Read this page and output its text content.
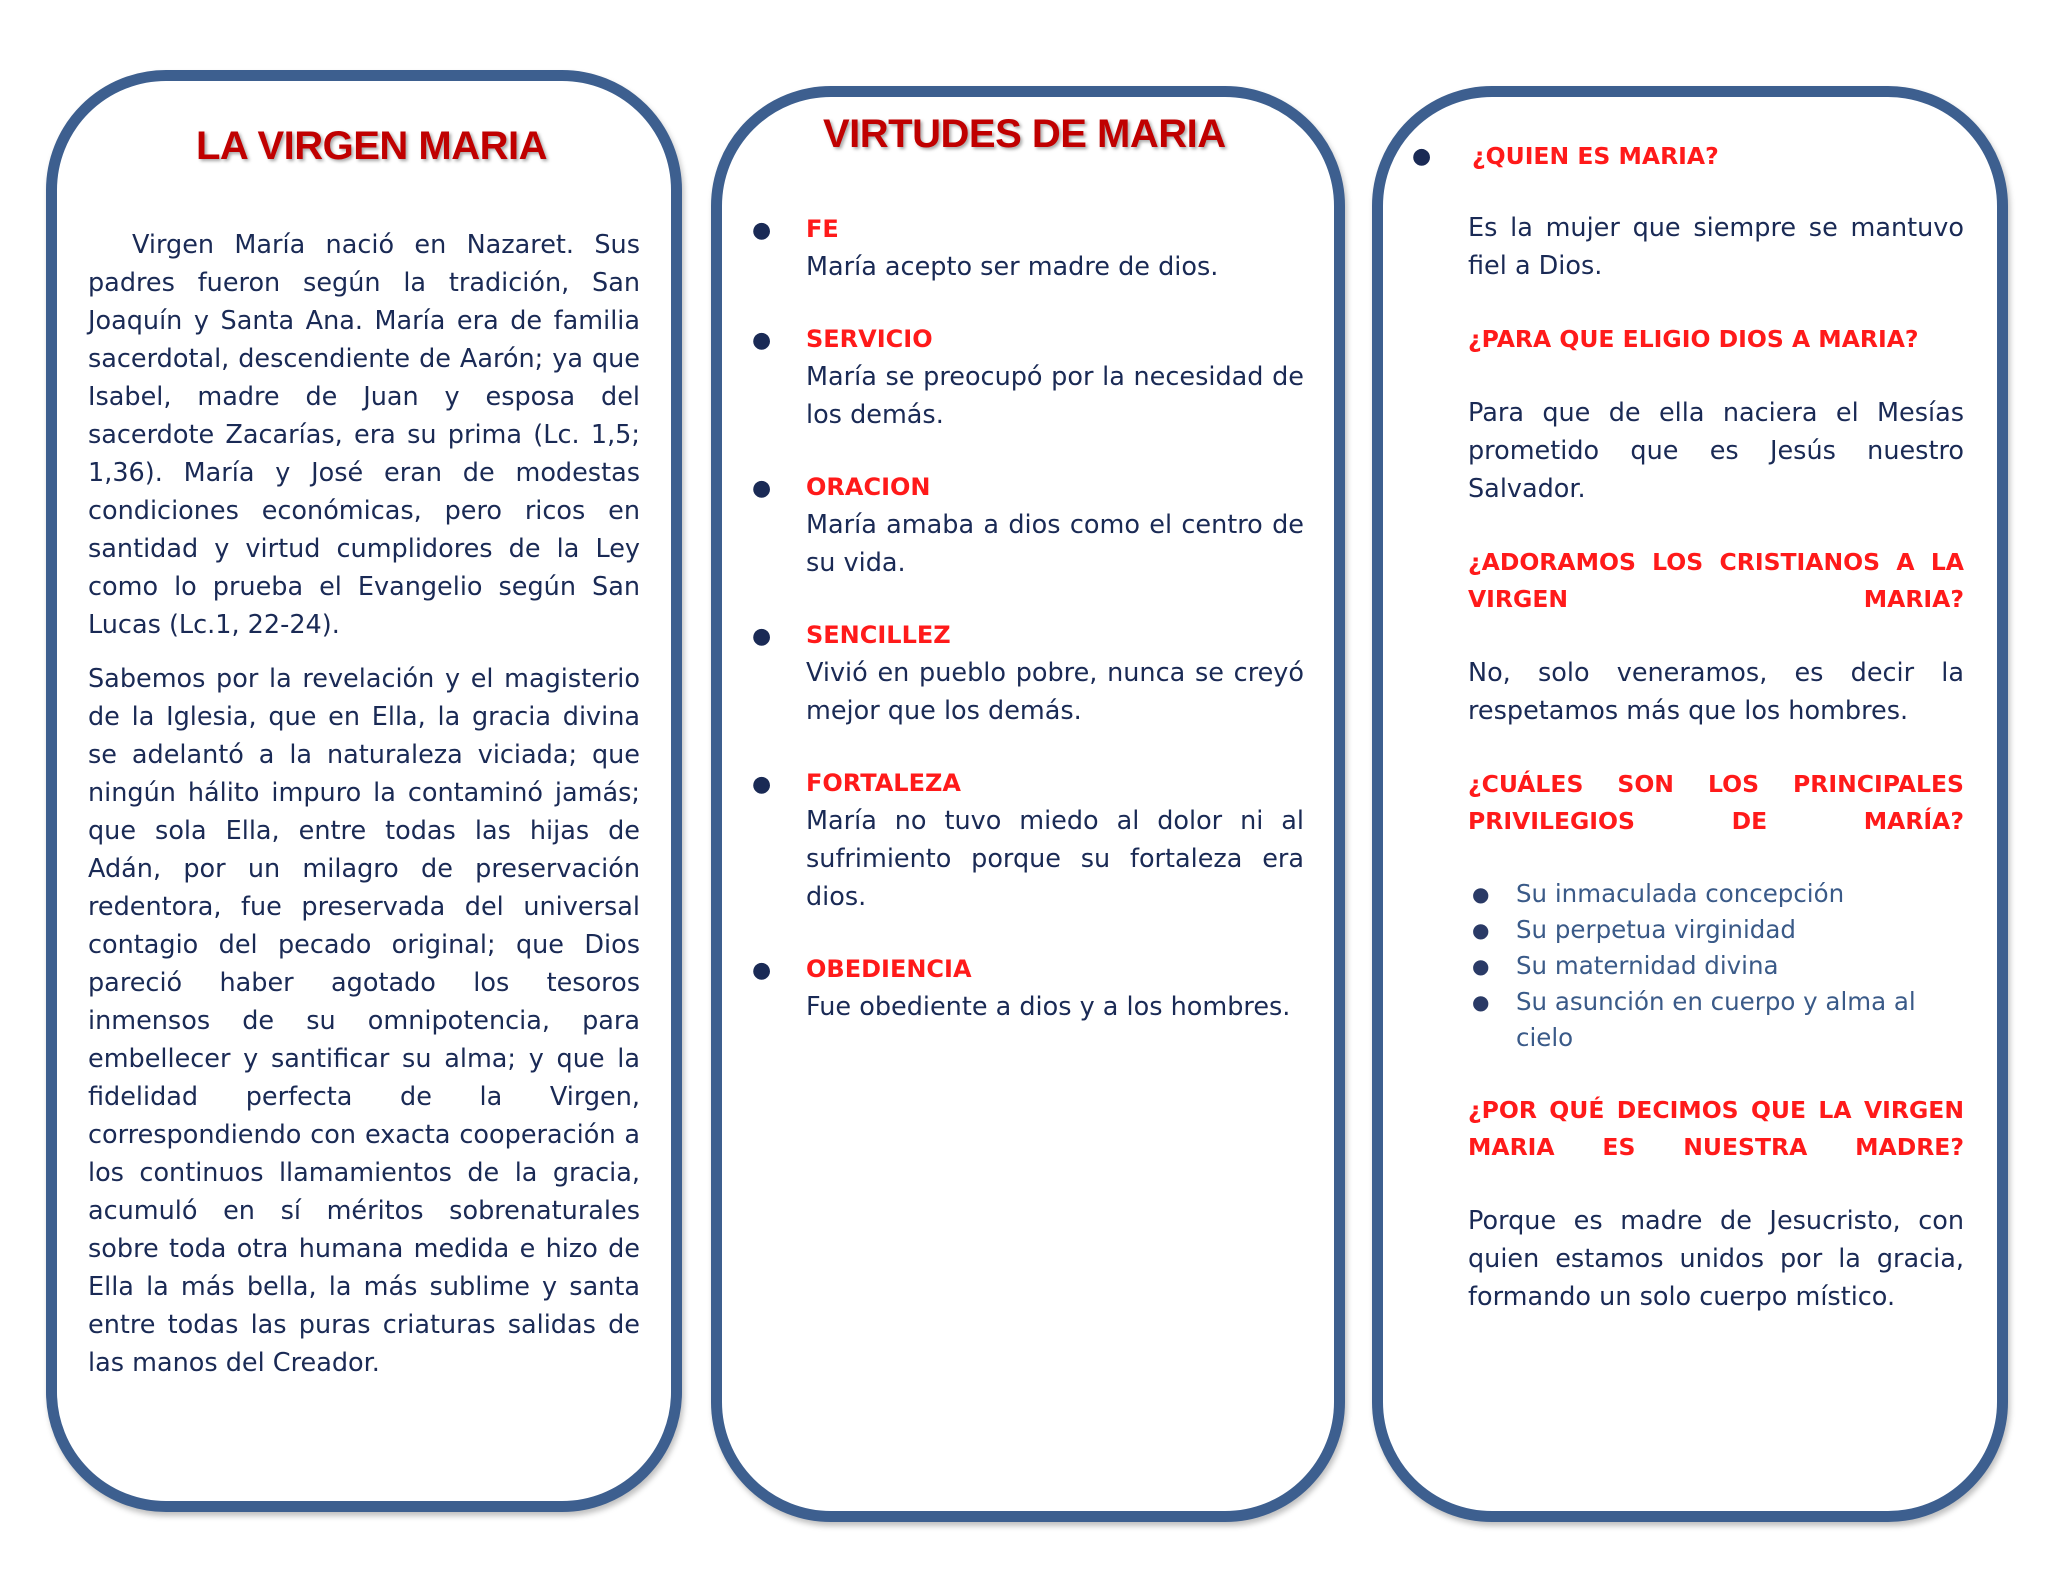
LA VIRGEN MARIA

Virgen María nació en Nazaret. Sus padres fueron según la tradición, San Joaquín y Santa Ana. María era de familia sacerdotal, descendiente de Aarón; ya que Isabel, madre de Juan y esposa del sacerdote Zacarías, era su prima (Lc. 1,5; 1,36). María y José eran de modestas condiciones económicas, pero ricos en santidad y virtud cumplidores de la Ley como lo prueba el Evangelio según San Lucas (Lc.1, 22-24).

Sabemos por la revelación y el magisterio de la Iglesia, que en Ella, la gracia divina se adelantó a la naturaleza viciada; que ningún hálito impuro la contaminó jamás; que sola Ella, entre todas las hijas de Adán, por un milagro de preservación redentora, fue preservada del universal contagio del pecado original; que Dios pareció haber agotado los tesoros inmensos de su omnipotencia, para embellecer y santificar su alma; y que la fidelidad perfecta de la Virgen, correspondiendo con exacta cooperación a los continuos llamamientos de la gracia, acumuló en sí méritos sobrenaturales sobre toda otra humana medida e hizo de Ella la más bella, la más sublime y santa entre todas las puras criaturas salidas de las manos del Creador.

VIRTUDES DE MARIA
● FE
María acepto ser madre de dios.
● SERVICIO
María se preocupó por la necesidad de los demás.
● ORACION
María amaba a dios como el centro de su vida.
● SENCILLEZ
Vivió en pueblo pobre, nunca se creyó mejor que los demás.
● FORTALEZA
María no tuvo miedo al dolor ni al sufrimiento porque su fortaleza era dios.
● OBEDIENCIA
Fue obediente a dios y a los hombres.

● ¿QUIEN ES MARIA?

Es la mujer que siempre se mantuvo fiel a Dios.

¿PARA QUE ELIGIO DIOS A MARIA?

Para que de ella naciera el Mesías prometido que es Jesús nuestro Salvador.

¿ADORAMOS LOS CRISTIANOS A LA VIRGEN MARIA?

No, solo veneramos, es decir la respetamos más que los hombres.

¿CUÁLES SON LOS PRINCIPALES PRIVILEGIOS DE MARÍA?

● Su inmaculada concepción
● Su perpetua virginidad
● Su maternidad divina
● Su asunción en cuerpo y alma al cielo

¿POR QUÉ DECIMOS QUE LA VIRGEN MARIA ES NUESTRA MADRE?

Porque es madre de Jesucristo, con quien estamos unidos por la gracia, formando un solo cuerpo místico.
